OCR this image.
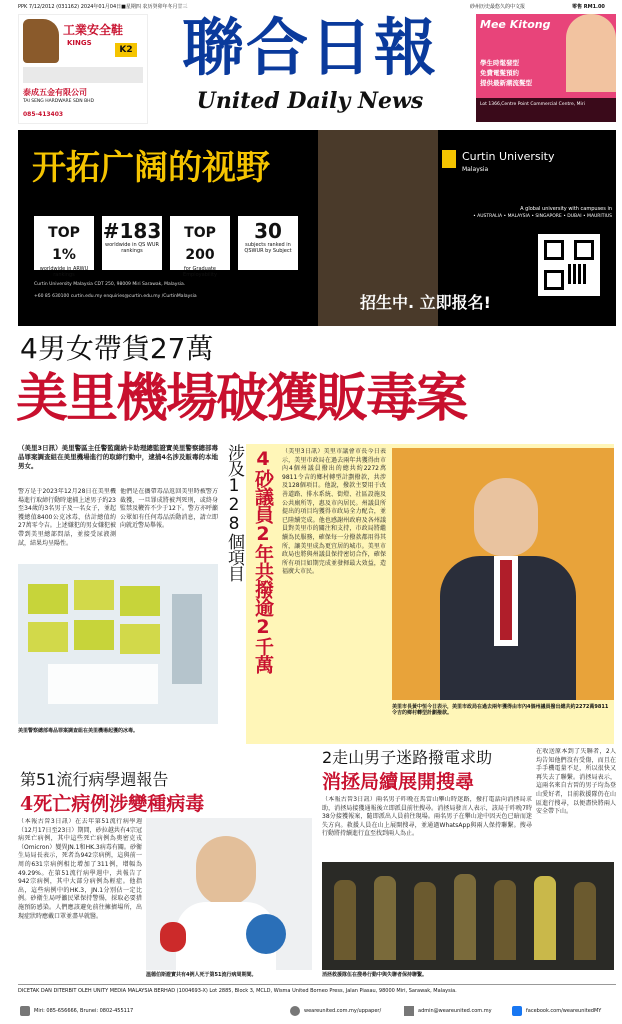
PPK 7/12/2012 (031162) 2024年01月04日■星期四 农历癸卯年冬月廿三	砂州历史最悠久的中文报	零售 RM1.00
工業安全鞋
KINGS
K2
泰成五金有限公司
TAI SENG HARDWARE SDN BHD
085-413403
聯合日報
United Daily News
Mee Kitong
學生時髦發型
免費電髮預約
提供最新潮流髮型
Lot 1366,Centre Point Commercial Centre, Miri
开拓广阔的视野
TOP 1%
worldwide in ARWU rankings
#183
worldwide in QS WUR rankings
TOP 200
for Graduate Employability
30
subjects ranked in QSWUR by Subject
Curtin University Malaysia CDT 250, 98009 Miri Sarawak, Malaysia.
+60 85 630100 curtin.edu.my enquiries@curtin.edu.my /CurtinMalaysia
Curtin University
Malaysia
A global university with campuses in
• AUSTRALIA • MALAYSIA • SINGAPORE • DUBAI • MAURITIUS
招生中. 立即报名!
4男女帶貨27萬
美里機場破獲販毒案
（美里3日訊）美里警區主任警監薩納卡助理總監證實美里警察總部毒品罪案調查組在美里機場進行的取締行動中，逮捕4名涉及販毒的本地男女。
警方是于2023年12月28日在美里機場進行取締行動時逮捕上述男子約23至34歲的3名男子及一名女子，並起獲總值8400公克冰毒，估計總值約27萬零令吉。上述嫌犯的男女嫌犯被帶到美里總部問話，並接受尿液測試，結果均呈陽性。
他們是在攜帶毒品返回美里時被警方截獲，一旦罪成將被判死刑，或終身監禁及鞭笞不少于12下。警方亦呼籲公眾如有任何毒品活動消息，請立即向就近警局舉報。
美里警察總部毒品罪案調查組在美里機場起獲的冰毒。
涉及128個項目 4砂議員2年共撥逾2千萬 （美里3日訊）美里市議會市長今日表示，美里市政局在過去兩年共獲得由市內4個州議員撥出的總共約2272萬9811令吉的鄉村轉型計劃撥款，共涉及128個項目。他說，撥款主要用于改善道路、排水系統、街燈、社區設施及公共廁所等，惠及市內居民。州議員所提出的項目均獲得市政局全力配合，並已陸續完成。他也感謝州政府及各州議員對美里市的關注和支持，市政局將繼續為民服務，確保每一分撥款都用得其所，讓美里成為更宜居的城市。美里市政局也將與州議員保持密切合作，確保所有項目如期完成並發揮最大效益，造福廣大市民。
美里市長黃中恒今日表示，美里市政局在過去兩年獲得由市內4個州議員撥出總共約2272萬9811令吉的鄉村轉型計劃撥款。
第51流行病學週報告
4死亡病例涉變種病毒
（本報古晉3日訊）在去年第51流行病學週（12月17日至23日）期間，砂拉越共有4宗冠病死亡病例，其中這些死亡病例為奧密克戎（Omicron）變異JN.1和HK.3病毒有關。砂衛生局局長表示，死者為942宗病例，這與前一周的631宗病例相比增加了311例，增幅為49.29%。在第51流行病學週中，共報告了942宗病例，其中大部分病例為輕症。他指出，這些病例中的HK.3，JN.1分別佔一定比例。砂衛生局呼籲民眾保持警惕，採取必要措施預防感染。人們應該避免前往擁擠場所，出現症狀時應戴口罩並盡早就醫。
溫德伯斯證實共有4例人死于第51流行病周期間。
2走山男子迷路撥電求助
消拯局續展開搜尋
（本報古晉3日訊）兩名男子昨晚在馬當山攀山時迷路，撥打電話向消拯局求助，消拯局接獲通報後立即派員前往搜尋。消拯局發言人表示，該局于昨晚7時38分接獲報案，隨即派出人員前往現場。兩名男子在攀山途中因天色已暗而迷失方向。救援人員在山上展開搜尋，並通過WhatsApp與兩人保持聯繫。搜尋行動將持續進行直至找到兩人為止。
在收送原本到了失聯者，2人均告知他們沒有受傷，而且在手手機電量不足，所以很快又再失去了聯繫。消拯局表示，這兩名來自古晉的男子均為登山愛好者，目前救援隊仍在山區進行搜尋，以便盡快將兩人安全帶下山。
消拯救援隊伍在搜尋行動中與失聯者保持聯繫。
DICETAK DAN DITERBIT OLEH UNITY MEDIA MALAYSIA BERHAD (1004693-X) Lot 2885, Block 3, MCLD, Wisma United Borneo Press, Jalan Piasau, 98000 Miri, Sarawak, Malaysia.
Miri: 085-656666, Brunei: 0802-455117	weareunited.com.my/uppaper/	admin@weareunited.com.my	facebook.com/weareunitedMY
